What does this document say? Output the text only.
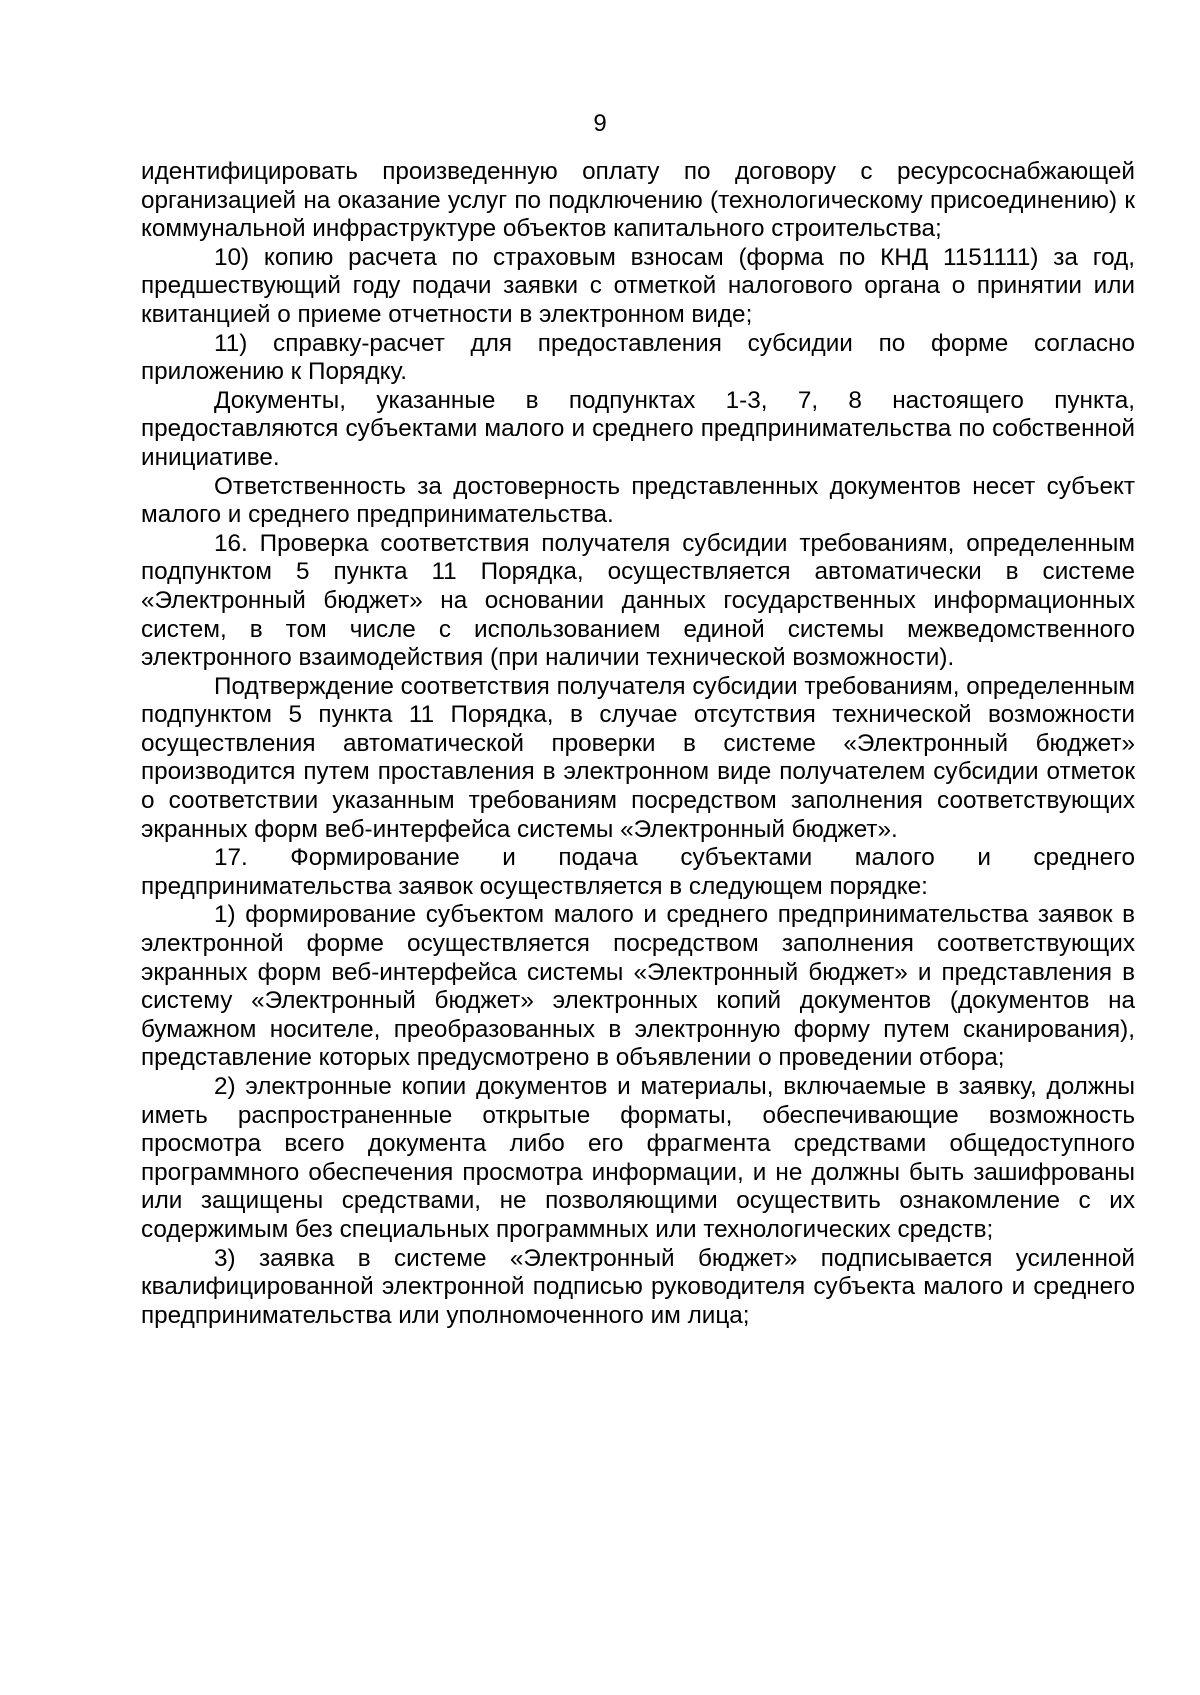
9

идентифицировать произведенную оплату по договору с ресурсоснабжающей организацией на оказание услуг по подключению (технологическому присоединению) к коммунальной инфраструктуре объектов капитального строительства;

10) копию расчета по страховым взносам (форма по КНД 1151111) за год, предшествующий году подачи заявки с отметкой налогового органа о принятии или квитанцией о приеме отчетности в электронном виде;

11) справку-расчет для предоставления субсидии по форме согласно приложению к Порядку.

Документы, указанные в подпунктах 1-3, 7, 8 настоящего пункта, предоставляются субъектами малого и среднего предпринимательства по собственной инициативе.

Ответственность за достоверность представленных документов несет субъект малого и среднего предпринимательства.

16. Проверка соответствия получателя субсидии требованиям, определенным подпунктом 5 пункта 11 Порядка, осуществляется автоматически в системе «Электронный бюджет» на основании данных государственных информационных систем, в том числе с использованием единой системы межведомственного электронного взаимодействия (при наличии технической возможности).

Подтверждение соответствия получателя субсидии требованиям, определенным подпунктом 5 пункта 11 Порядка, в случае отсутствия технической возможности осуществления автоматической проверки в системе «Электронный бюджет» производится путем проставления в электронном виде получателем субсидии отметок о соответствии указанным требованиям посредством заполнения соответствующих экранных форм веб-интерфейса системы «Электронный бюджет».

17. Формирование и подача субъектами малого и среднего предпринимательства заявок осуществляется в следующем порядке:

1) формирование субъектом малого и среднего предпринимательства заявок в электронной форме осуществляется посредством заполнения соответствующих экранных форм веб-интерфейса системы «Электронный бюджет» и представления в систему «Электронный бюджет» электронных копий документов (документов на бумажном носителе, преобразованных в электронную форму путем сканирования), представление которых предусмотрено в объявлении о проведении отбора;

2) электронные копии документов и материалы, включаемые в заявку, должны иметь распространенные открытые форматы, обеспечивающие возможность просмотра всего документа либо его фрагмента средствами общедоступного программного обеспечения просмотра информации, и не должны быть зашифрованы или защищены средствами, не позволяющими осуществить ознакомление с их содержимым без специальных программных или технологических средств;

3) заявка в системе «Электронный бюджет» подписывается усиленной квалифицированной электронной подписью руководителя субъекта малого и среднего предпринимательства или уполномоченного им лица;
